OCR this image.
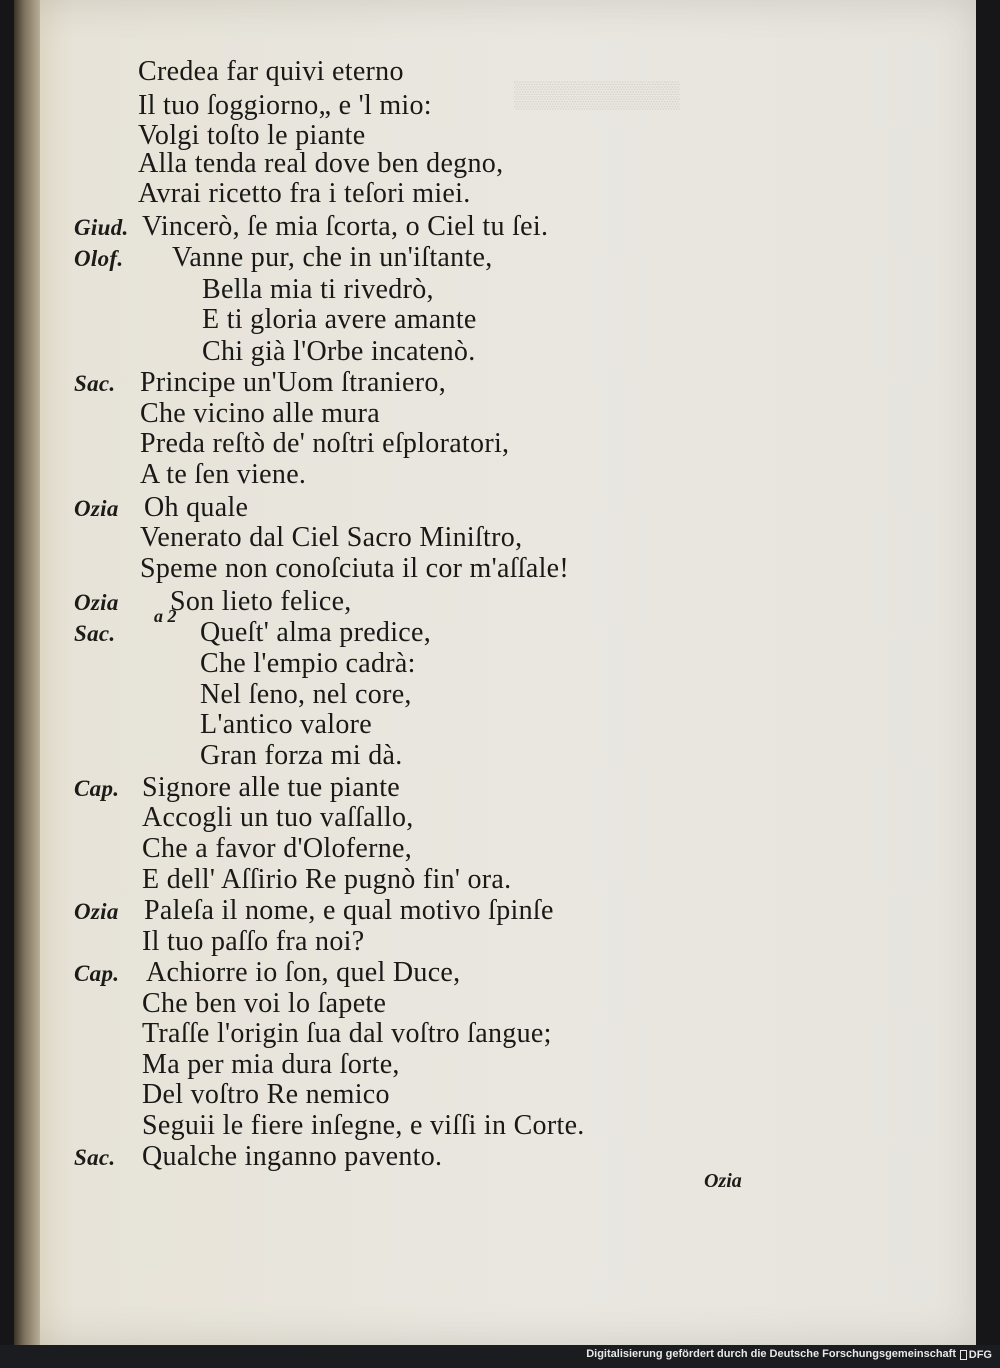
▒▒▒▒▒▒▒▒▒
Credea far quivi eterno
Il tuo ſoggiorno„ e 'l mio:
Volgi toſto le piante
Alla tenda real dove ben degno,
Avrai ricetto fra i teſori miei.
Giud. Vincerò, ſe mia ſcorta, o Ciel tu ſei.
Olof. Vanne pur, che in un'iſtante,
Bella mia ti rivedrò,
E ti gloria avere amante
Chi già l'Orbe incatenò.
Sac. Principe un'Uom ſtraniero,
Che vicino alle mura
Preda reſtò de' noſtri eſploratori,
A te ſen viene.
Ozia Oh quale
Venerato dal Ciel Sacro Miniſtro,
Speme non conoſciuta il cor m'aſſale!
Ozia Son lieto felice,
Sac.	Queſt' alma predice,
Che l'empio cadrà:
Nel ſeno, nel core,
L'antico valore
Gran forza mi dà.
Cap. Signore alle tue piante
Accogli un tuo vaſſallo,
Che a favor d'Oloferne,
E dell' Aſſirio Re pugnò fin' ora.
Ozia Paleſa il nome, e qual motivo ſpinſe
Il tuo paſſo fra noi?
Cap. Achiorre io ſon, quel Duce,
Che ben voi lo ſapete
Traſſe l'origin ſua dal voſtro ſangue;
Ma per mia dura ſorte,
Del voſtro Re nemico
Seguii le fiere inſegne, e viſſi in Corte.
Sac. Qualche inganno pavento.
a 2
Ozia
Digitalisierung gefördert durch die Deutsche Forschungsgemeinschaft DFG
